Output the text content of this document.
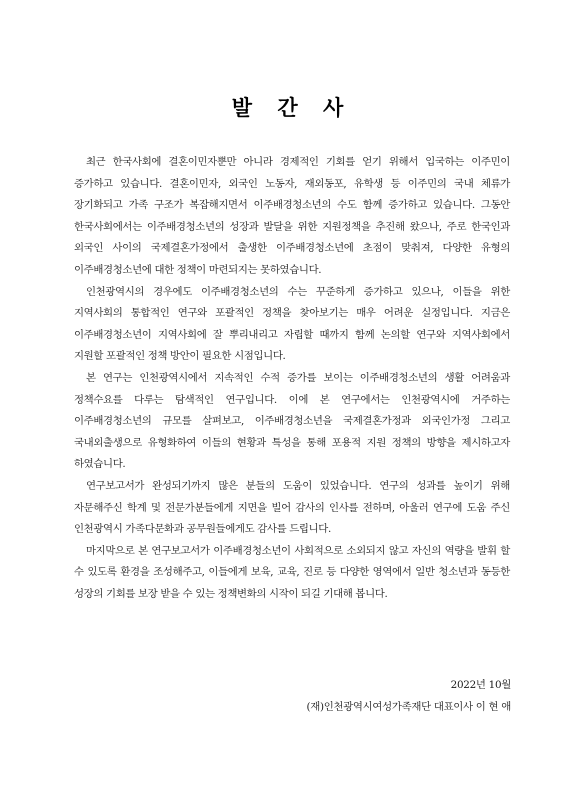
발 간 사

최근 한국사회에 결혼이민자뿐만 아니라 경제적인 기회를 얻기 위해서 입국하는 이주민이 증가하고 있습니다. 결혼이민자, 외국인 노동자, 재외동포, 유학생 등 이주민의 국내 체류가 장기화되고 가족 구조가 복잡해지면서 이주배경청소년의 수도 함께 증가하고 있습니다. 그동안 한국사회에서는 이주배경청소년의 성장과 발달을 위한 지원정책을 추진해 왔으나, 주로 한국인과 외국인 사이의 국제결혼가정에서 출생한 이주배경청소년에 초점이 맞춰져, 다양한 유형의 이주배경청소년에 대한 정책이 마련되지는 못하였습니다.

인천광역시의 경우에도 이주배경청소년의 수는 꾸준하게 증가하고 있으나, 이들을 위한 지역사회의 통합적인 연구와 포괄적인 정책을 찾아보기는 매우 어려운 실정입니다. 지금은 이주배경청소년이 지역사회에 잘 뿌리내리고 자립할 때까지 함께 논의할 연구와 지역사회에서 지원할 포괄적인 정책 방안이 필요한 시점입니다.

본 연구는 인천광역시에서 지속적인 수적 증가를 보이는 이주배경청소년의 생활 어려움과 정책수요를 다루는 탐색적인 연구입니다. 이에 본 연구에서는 인천광역시에 거주하는 이주배경청소년의 규모를 살펴보고, 이주배경청소년을 국제결혼가정과 외국인가정 그리고 국내외출생으로 유형화하여 이들의 현황과 특성을 통해 포용적 지원 정책의 방향을 제시하고자 하였습니다.

연구보고서가 완성되기까지 많은 분들의 도움이 있었습니다. 연구의 성과를 높이기 위해 자문해주신 학계 및 전문가분들에게 지면을 빌어 감사의 인사를 전하며, 아울러 연구에 도움 주신 인천광역시 가족다문화과 공무원들에게도 감사를 드립니다.

마지막으로 본 연구보고서가 이주배경청소년이 사회적으로 소외되지 않고 자신의 역량을 발휘 할 수 있도록 환경을 조성해주고, 이들에게 보육, 교육, 진로 등 다양한 영역에서 일반 청소년과 동등한 성장의 기회를 보장 받을 수 있는 정책변화의 시작이 되길 기대해 봅니다.

2022년 10월
(재)인천광역시여성가족재단 대표이사 이 현 애
